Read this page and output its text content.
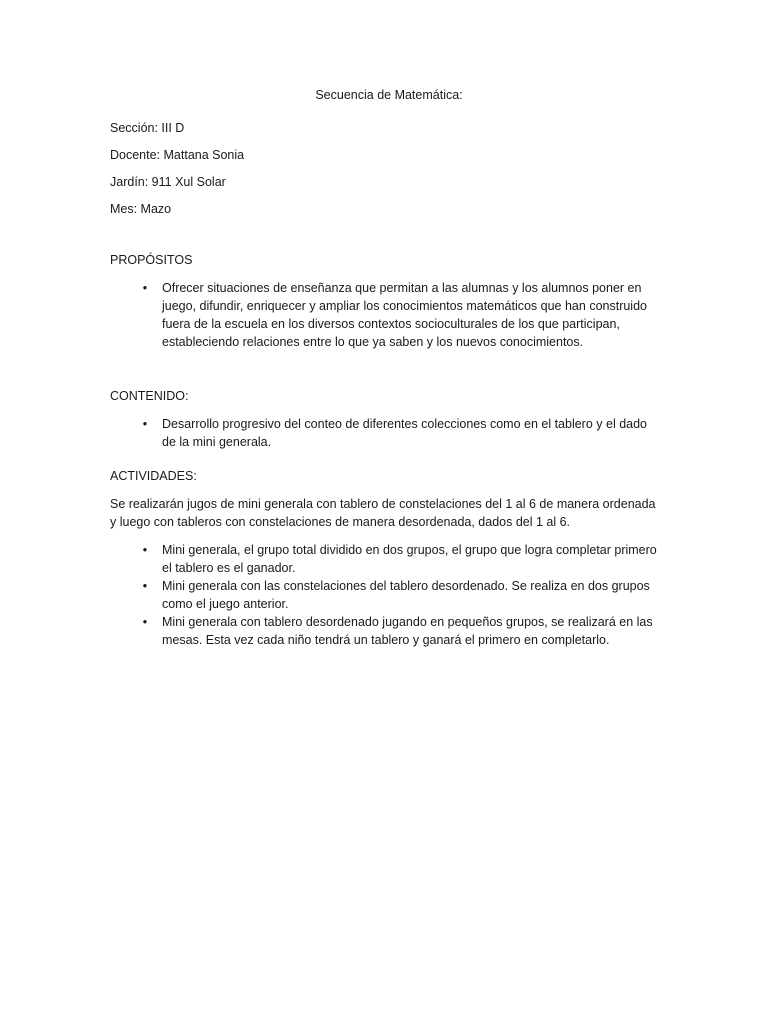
Secuencia de Matemática:
Sección: III D
Docente: Mattana Sonia
Jardín: 911 Xul Solar
Mes: Mazo
PROPÓSITOS
• Ofrecer situaciones de enseñanza que permitan a las alumnas y los alumnos poner en juego, difundir, enriquecer y ampliar los conocimientos matemáticos que han construido fuera de la escuela en los diversos contextos socioculturales de los que participan, estableciendo relaciones entre lo que ya saben y los nuevos conocimientos.
CONTENIDO:
• Desarrollo progresivo del conteo de diferentes colecciones como en el tablero y el dado de la mini generala.
ACTIVIDADES:
Se realizarán jugos de mini generala con tablero de constelaciones del 1 al 6 de manera ordenada y luego con tableros con constelaciones de manera desordenada, dados del 1 al 6.
• Mini generala, el grupo total dividido en dos grupos, el grupo que logra completar primero el tablero es el ganador.
• Mini generala con las constelaciones del tablero desordenado. Se realiza en dos grupos como el juego anterior.
• Mini generala con tablero desordenado jugando en pequeños grupos, se realizará en las mesas. Esta vez cada niño tendrá un tablero y ganará el primero en completarlo.
